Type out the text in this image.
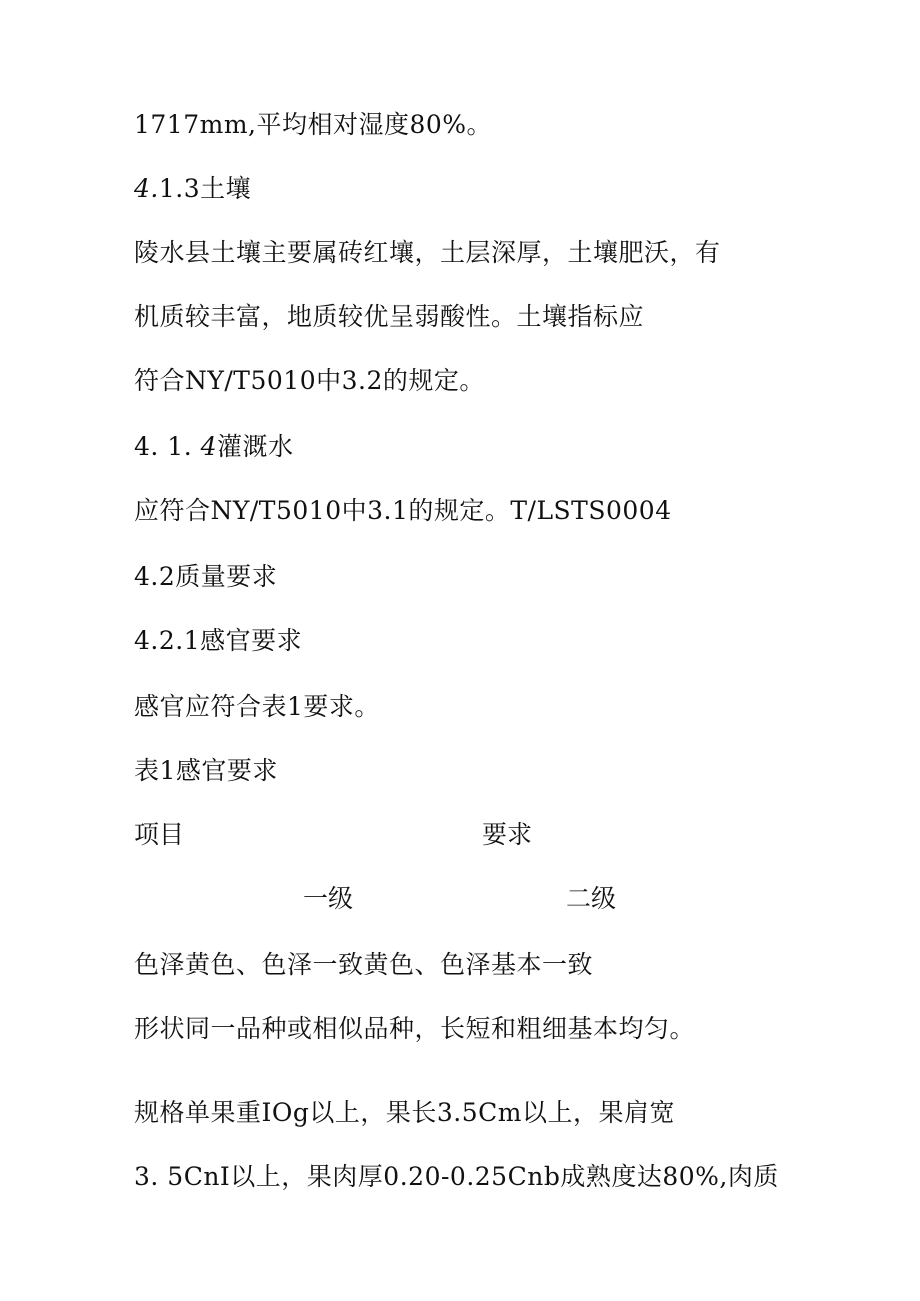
1717mm,平均相对湿度80%。
4.1.3土壤
陵水县土壤主要属砖红壤，土层深厚，土壤肥沃，有
机质较丰富，地质较优呈弱酸性。土壤指标应
符合NY/T5010中3.2的规定。
4. 1. 4灌溉水
应符合NY/T5010中3.1的规定。T/LSTS0004
4.2质量要求
4.2.1感官要求
感官应符合表1要求。
表1感官要求
项目	要求
一级	二级
色泽黄色、色泽一致黄色、色泽基本一致
形状同一品种或相似品种，长短和粗细基本均匀。
规格单果重IOg以上，果长3.5Cm以上，果肩宽
3. 5CnI以上，果肉厚0.20-0.25Cnb成熟度达80%,肉质
